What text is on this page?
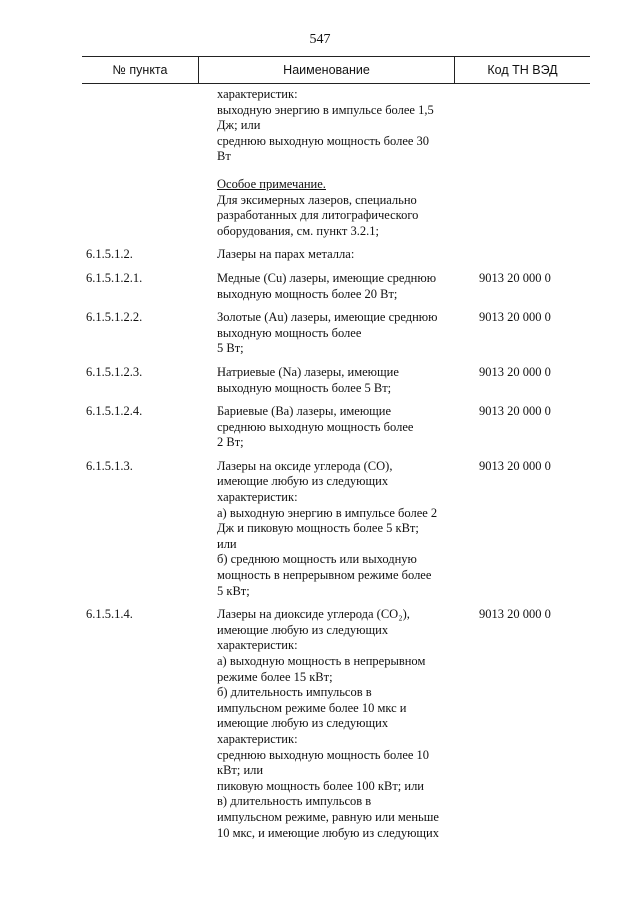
547
№ пункта	Наименование	Код ТН ВЭД
характеристик:
выходную энергию в импульсе более 1,5
Дж; или
среднюю выходную мощность более 30
Вт
Особое примечание.
Для эксимерных лазеров, специально
разработанных для литографического
оборудования, см. пункт 3.2.1;
6.1.5.1.2.	Лазеры на парах металла:
6.1.5.1.2.1.	Медные (Cu) лазеры, имеющие среднюю
выходную мощность более 20 Вт;
9013 20 000 0
6.1.5.1.2.2.	Золотые (Au) лазеры, имеющие среднюю
выходную мощность более
5 Вт;
9013 20 000 0
6.1.5.1.2.3.	Натриевые (Na) лазеры, имеющие
выходную мощность более 5 Вт;
9013 20 000 0
6.1.5.1.2.4.	Бариевые (Ba) лазеры, имеющие
среднюю выходную мощность более
2 Вт;
9013 20 000 0
6.1.5.1.3.	Лазеры на оксиде углерода (CO),
имеющие любую из следующих
характеристик:
а) выходную энергию в импульсе более 2
Дж и пиковую мощность более 5 кВт;
или
б) среднюю мощность или выходную
мощность в непрерывном режиме более
5 кВт;
9013 20 000 0
6.1.5.1.4.	Лазеры на диоксиде углерода (CO₂),
имеющие любую из следующих
характеристик:
а) выходную мощность в непрерывном
режиме более 15 кВт;
б) длительность импульсов в
импульсном режиме более 10 мкс и
имеющие любую из следующих
характеристик:
среднюю выходную мощность более 10
кВт; или
пиковую мощность более 100 кВт; или
в) длительность импульсов в
импульсном режиме, равную или меньше
10 мкс, и имеющие любую из следующих
9013 20 000 0
